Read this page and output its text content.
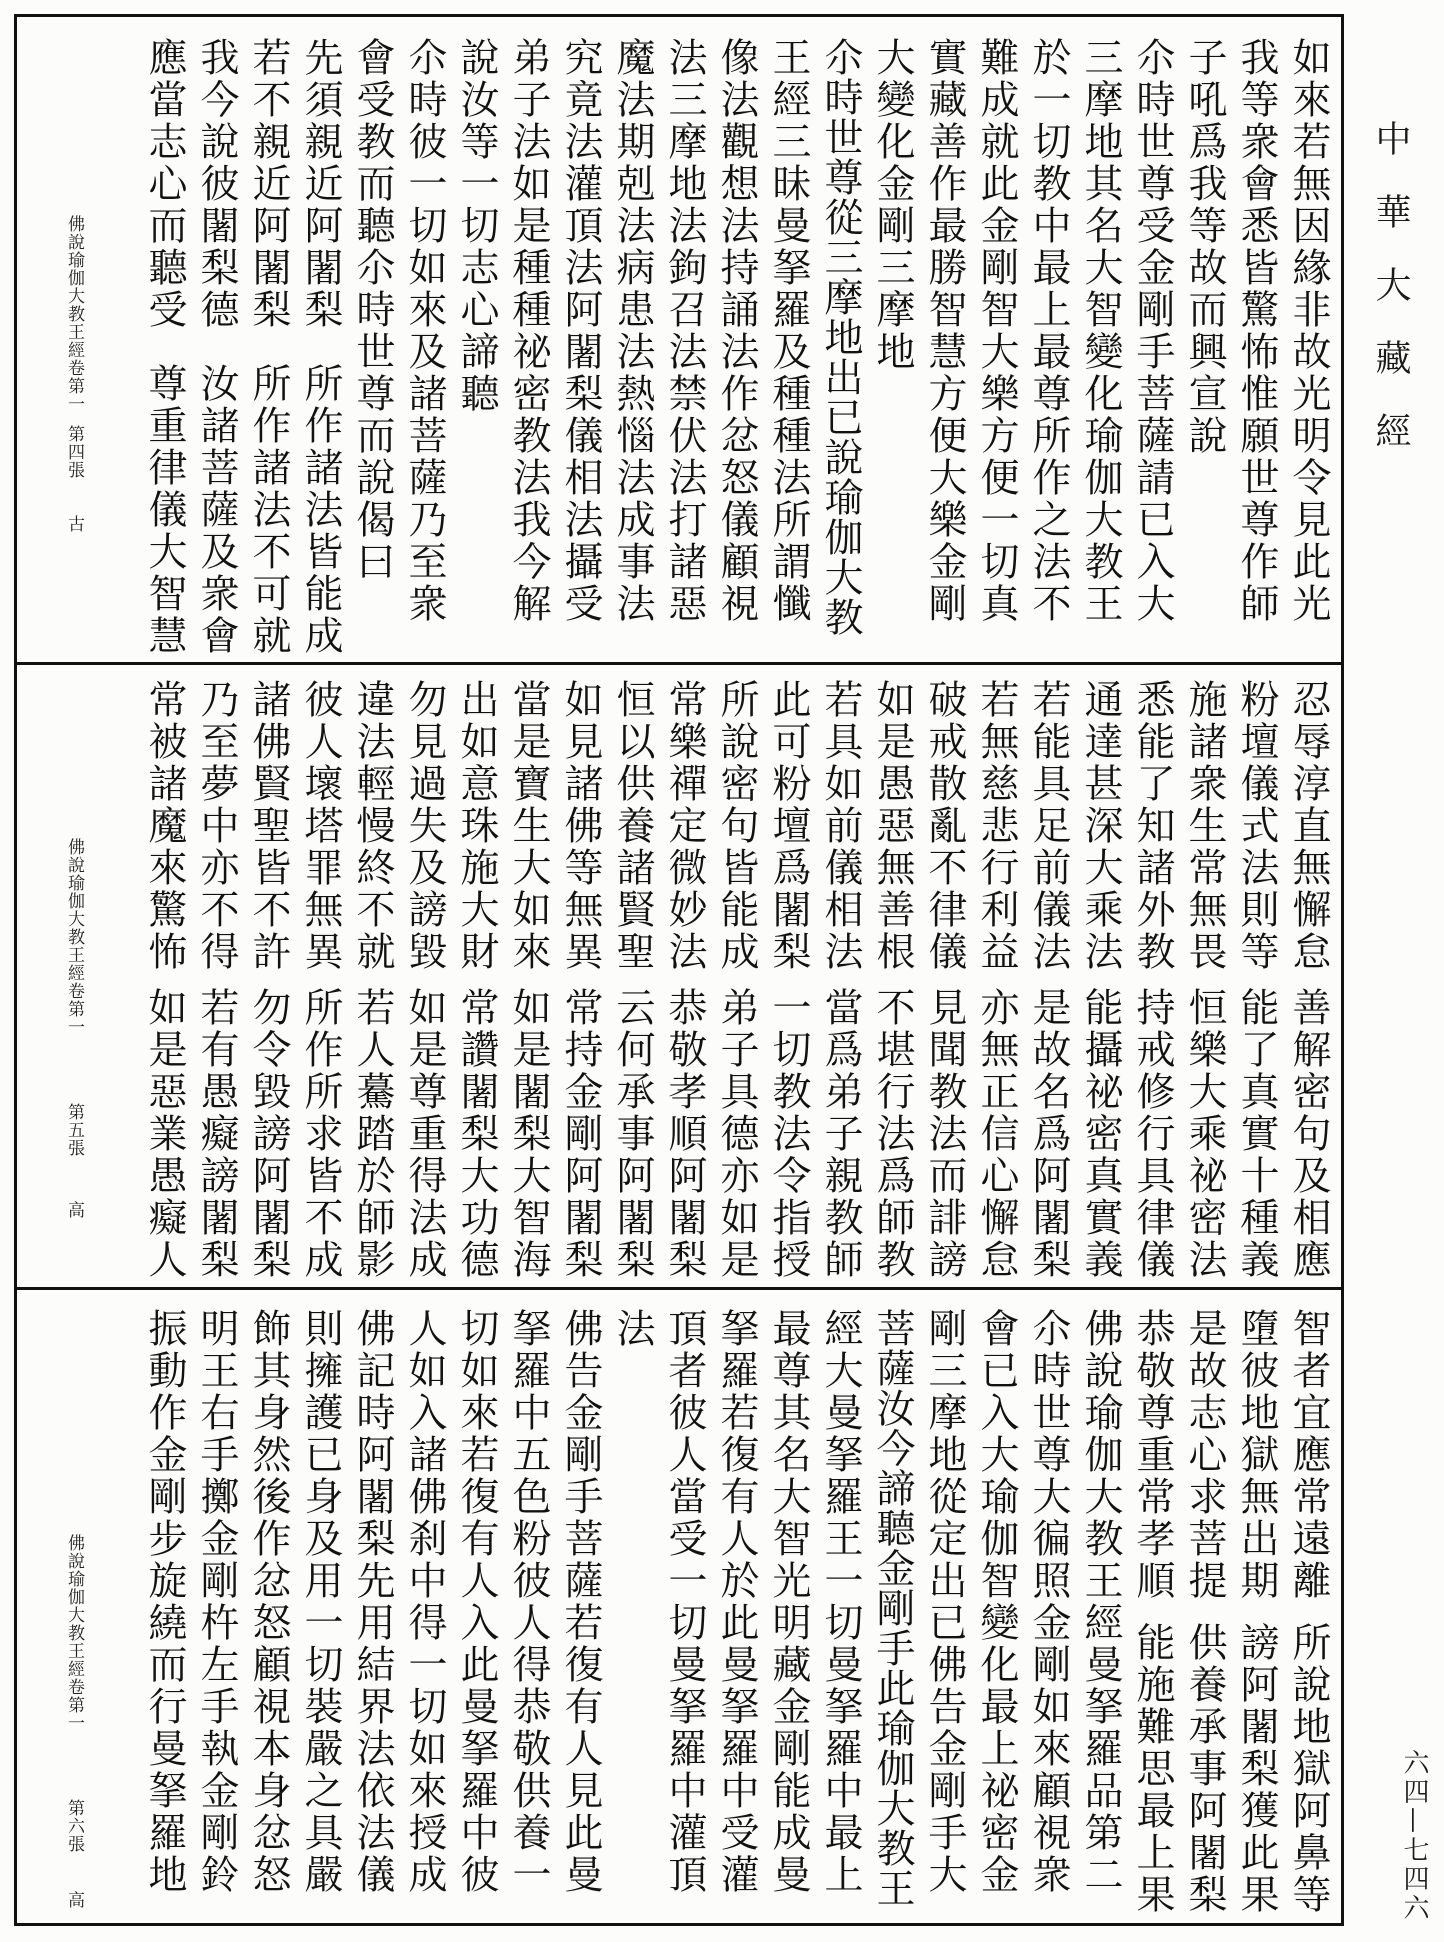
中華大藏經
六四—七四六
如來若無因緣非故光明令見此光
我等衆會悉皆驚怖惟願世尊作師
子吼爲我等故而興宣說
尒時世尊受金剛手菩薩請已入大
三摩地其名大智變化瑜伽大教王
於一切教中最上最尊所作之法不
難成就此金剛智大樂方便一切真
實藏善作最勝智慧方便大樂金剛
大變化金剛三摩地
尒時世尊從三摩地出已說瑜伽大教
王經三昧曼拏羅及種種法所謂懺
像法觀想法持誦法作忿怒儀顧視
法三摩地法鉤召法禁伏法打諸惡
魔法期剋法病患法熱惱法成事法
究竟法灌頂法阿闍梨儀相法攝受
弟子法如是種種祕密教法我今解
說汝等一切志心諦聽
尒時彼一切如來及諸菩薩乃至衆
會受教而聽尒時世尊而說偈曰
先須親近阿闍梨
所作諸法皆能成
若不親近阿闍梨
所作諸法不可就
我今說彼闍梨德
汝諸菩薩及衆會
應當志心而聽受
尊重律儀大智慧
佛說瑜伽大教王經卷第一
第四張
古
忍辱淳直無懈怠
善解密句及相應
粉壇儀式法則等
能了真實十種義
施諸衆生常無畏
恒樂大乘祕密法
悉能了知諸外教
持戒修行具律儀
通達甚深大乘法
能攝祕密真實義
若能具足前儀法
是故名爲阿闍梨
若無慈悲行利益
亦無正信心懈怠
破戒散亂不律儀
見聞教法而誹謗
如是愚惡無善根
不堪行法爲師教
若具如前儀相法
當爲弟子親教師
此可粉壇爲闍梨
一切教法令指授
所說密句皆能成
弟子具德亦如是
常樂禪定微妙法
恭敬孝順阿闍梨
恒以供養諸賢聖
云何承事阿闍梨
如見諸佛等無異
常持金剛阿闍梨
當是寶生大如來
如是闍梨大智海
出如意珠施大財
常讚闍梨大功德
勿見過失及謗毀
如是尊重得法成
違法輕慢終不就
若人驀踏於師影
彼人壞塔罪無異
所作所求皆不成
諸佛賢聖皆不許
勿令毀謗阿闍梨
乃至夢中亦不得
若有愚癡謗闍梨
常被諸魔來驚怖
如是惡業愚癡人
佛說瑜伽大教王經卷第一
第五張
高
智者宜應常遠離
所說地獄阿鼻等
墮彼地獄無出期
謗阿闍梨獲此果
是故志心求菩提
供養承事阿闍梨
恭敬尊重常孝順
能施難思最上果
佛說瑜伽大教王經曼拏羅品第二
尒時世尊大徧照金剛如來顧視衆
會已入大瑜伽智變化最上祕密金
剛三摩地從定出已佛告金剛手大
菩薩汝今諦聽金剛手此瑜伽大教王
經大曼拏羅王一切曼拏羅中最上
最尊其名大智光明藏金剛能成曼
拏羅若復有人於此曼拏羅中受灌
頂者彼人當受一切曼拏羅中灌頂
法
佛告金剛手菩薩若復有人見此曼
拏羅中五色粉彼人得恭敬供養一
切如來若復有人入此曼拏羅中彼
人如入諸佛刹中得一切如來授成
佛記時阿闍梨先用結界法依法儀
則擁護已身及用一切裝嚴之具嚴
飾其身然後作忿怒顧視本身忿怒
明王右手擲金剛杵左手執金剛鈴
振動作金剛步旋繞而行曼拏羅地
佛說瑜伽大教王經卷第一
第六張
高
